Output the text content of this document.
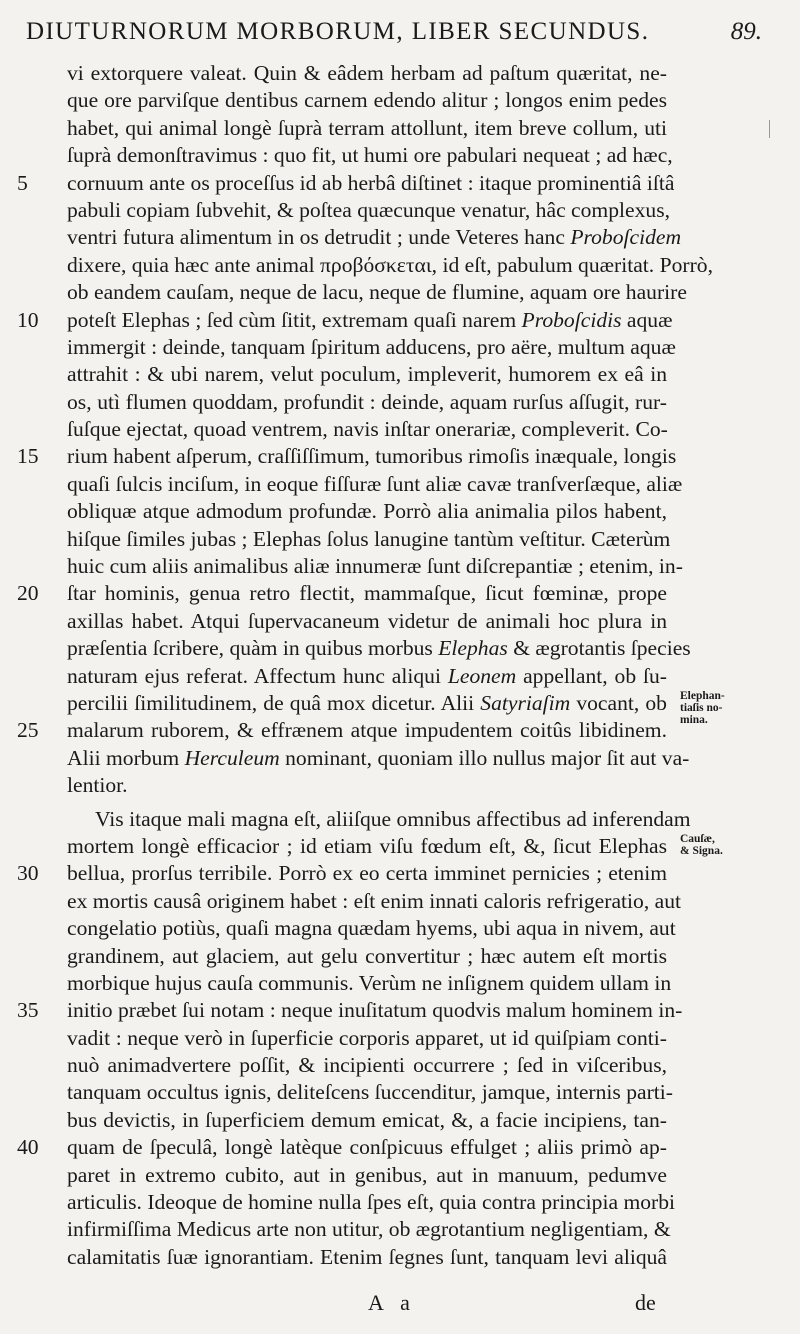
DIUTURNORUM MORBORUM, LIBER SECUNDUS.	89.
vi extorquere valeat. Quin & eâdem herbam ad paſtum quæritat, ne-
que ore parviſque dentibus carnem edendo alitur ; longos enim pedes
habet, qui animal longè ſuprà terram attollunt, item breve collum, uti
ſuprà demonſtravimus : quo fit, ut humi ore pabulari nequeat ; ad hæc,
5	cornuum ante os proceſſus id ab herbâ diſtinet : itaque prominentiâ iſtâ
pabuli copiam ſubvehit, & poſtea quæcunque venatur, hâc complexus,
ventri futura alimentum in os detrudit ; unde Veteres hanc Proboſcidem
dixere, quia hæc ante animal προβόσκεται, id eſt, pabulum quæritat. Porrò,
ob eandem cauſam, neque de lacu, neque de flumine, aquam ore haurire
10	poteſt Elephas ; ſed cùm ſitit, extremam quaſi narem Proboſcidis aquæ
immergit : deinde, tanquam ſpiritum adducens, pro aëre, multum aquæ
attrahit : & ubi narem, velut poculum, impleverit, humorem ex eâ in
os, utì flumen quoddam, profundit : deinde, aquam rurſus aſſugit, rur-
ſuſque ejectat, quoad ventrem, navis inſtar onerariæ, compleverit. Co-
15	rium habent aſperum, craſſiſſimum, tumoribus rimoſis inæquale, longis
quaſi ſulcis inciſum, in eoque fiſſuræ ſunt aliæ cavæ tranſverſæque, aliæ
obliquæ atque admodum profundæ. Porrò alia animalia pilos habent,
hiſque ſimiles jubas ; Elephas ſolus lanugine tantùm veſtitur. Cæterùm
huic cum aliis animalibus aliæ innumeræ ſunt diſcrepantiæ ; etenim, in-
20	ſtar hominis, genua retro flectit, mammaſque, ſicut fœminæ, prope
axillas habet. Atqui ſupervacaneum videtur de animali hoc plura in
præſentia ſcribere, quàm in quibus morbus Elephas & ægrotantis ſpecies
naturam ejus referat. Affectum hunc aliqui Leonem appellant, ob ſu-
percilii ſimilitudinem, de quâ mox dicetur. Alii Satyriaſim vocant, ob
25	malarum ruborem, & effrænem atque impudentem coitûs libidinem.
Alii morbum Herculeum nominant, quoniam illo nullus major ſit aut va-
lentior.
Vis itaque mali magna eſt, aliiſque omnibus affectibus ad inferendam
mortem longè efficacior ; id etiam viſu fœdum eſt, &, ſicut Elephas
30	bellua, prorſus terribile. Porrò ex eo certa imminet pernicies ; etenim
ex mortis causâ originem habet : eſt enim innati caloris refrigeratio, aut
congelatio potiùs, quaſi magna quædam hyems, ubi aqua in nivem, aut
grandinem, aut glaciem, aut gelu convertitur ; hæc autem eſt mortis
morbique hujus cauſa communis. Verùm ne inſignem quidem ullam in
35	initio præbet ſui notam : neque inuſitatum quodvis malum hominem in-
vadit : neque verò in ſuperficie corporis apparet, ut id quiſpiam conti-
nuò animadvertere poſſit, & incipienti occurrere ; ſed in viſceribus,
tanquam occultus ignis, deliteſcens ſuccenditur, jamque, internis parti-
bus devictis, in ſuperficiem demum emicat, &, a facie incipiens, tan-
40	quam de ſpeculâ, longè latèque conſpicuus effulget ; aliis primò ap-
paret in extremo cubito, aut in genibus, aut in manuum, pedumve
articulis. Ideoque de homine nulla ſpes eſt, quia contra principia morbi
infirmiſſima Medicus arte non utitur, ob ægrotantium negligentiam, &
calamitatis ſuæ ignorantiam. Etenim ſegnes ſunt, tanquam levi aliquâ
Elephan-
tiaſis no-
mina.
Cauſæ,
& Signa.
A a	de
